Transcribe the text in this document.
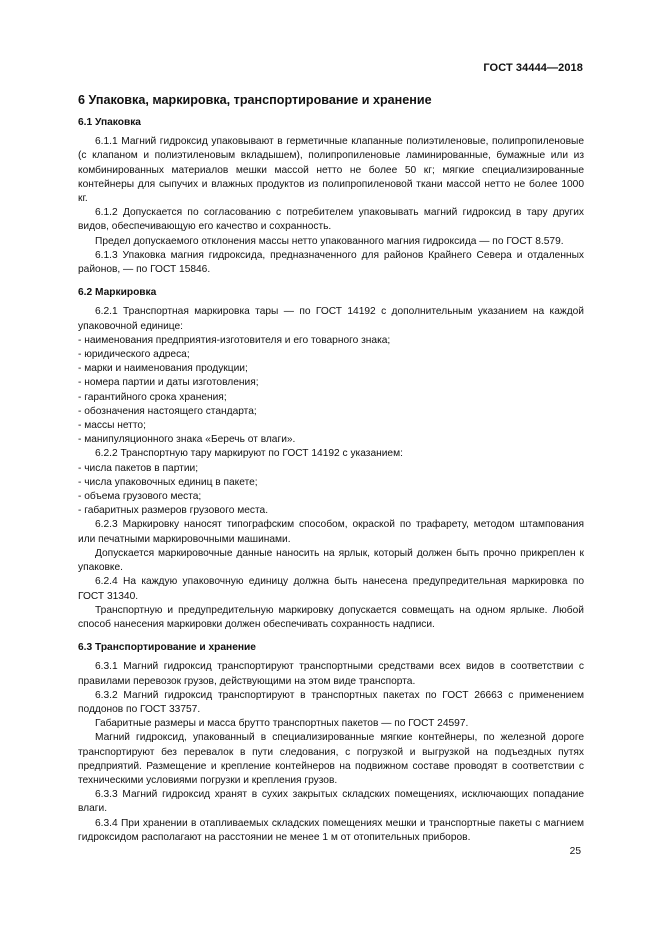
ГОСТ 34444—2018
6 Упаковка, маркировка, транспортирование и хранение
6.1 Упаковка

6.1.1 Магний гидроксид упаковывают в герметичные клапанные полиэтиленовые, полипропиленовые (с клапаном и полиэтиленовым вкладышем), полипропиленовые ламинированные, бумажные или из комбинированных материалов мешки массой нетто не более 50 кг; мягкие специализированные контейнеры для сыпучих и влажных продуктов из полипропиленовой ткани массой нетто не более 1000 кг.

6.1.2 Допускается по согласованию с потребителем упаковывать магний гидроксид в тару других видов, обеспечивающую его качество и сохранность.

Предел допускаемого отклонения массы нетто упакованного магния гидроксида — по ГОСТ 8.579.

6.1.3 Упаковка магния гидроксида, предназначенного для районов Крайнего Севера и отдаленных районов, — по ГОСТ 15846.

6.2 Маркировка

6.2.1 Транспортная маркировка тары — по ГОСТ 14192 с дополнительным указанием на каждой упаковочной единице:

- наименования предприятия-изготовителя и его товарного знака;

- юридического адреса;

- марки и наименования продукции;

- номера партии и даты изготовления;

- гарантийного срока хранения;

- обозначения настоящего стандарта;

- массы нетто;

- манипуляционного знака «Беречь от влаги».

6.2.2 Транспортную тару маркируют по ГОСТ 14192 с указанием:

- числа пакетов в партии;

- числа упаковочных единиц в пакете;

- объема грузового места;

- габаритных размеров грузового места.

6.2.3 Маркировку наносят типографским способом, окраской по трафарету, методом штампования или печатными маркировочными машинами.

Допускается маркировочные данные наносить на ярлык, который должен быть прочно прикреплен к упаковке.

6.2.4 На каждую упаковочную единицу должна быть нанесена предупредительная маркировка по ГОСТ 31340.

Транспортную и предупредительную маркировку допускается совмещать на одном ярлыке. Любой способ нанесения маркировки должен обеспечивать сохранность надписи.

6.3 Транспортирование и хранение

6.3.1 Магний гидроксид транспортируют транспортными средствами всех видов в соответствии с правилами перевозок грузов, действующими на этом виде транспорта.

6.3.2 Магний гидроксид транспортируют в транспортных пакетах по ГОСТ 26663 с применением поддонов по ГОСТ 33757.

Габаритные размеры и масса брутто транспортных пакетов — по ГОСТ 24597.

Магний гидроксид, упакованный в специализированные мягкие контейнеры, по железной дороге транспортируют без перевалок в пути следования, с погрузкой и выгрузкой на подъездных путях предприятий. Размещение и крепление контейнеров на подвижном составе проводят в соответствии с техническими условиями погрузки и крепления грузов.

6.3.3 Магний гидроксид хранят в сухих закрытых складских помещениях, исключающих попадание влаги.

6.3.4 При хранении в отапливаемых складских помещениях мешки и транспортные пакеты с магнием гидроксидом располагают на расстоянии не менее 1 м от отопительных приборов.

25
